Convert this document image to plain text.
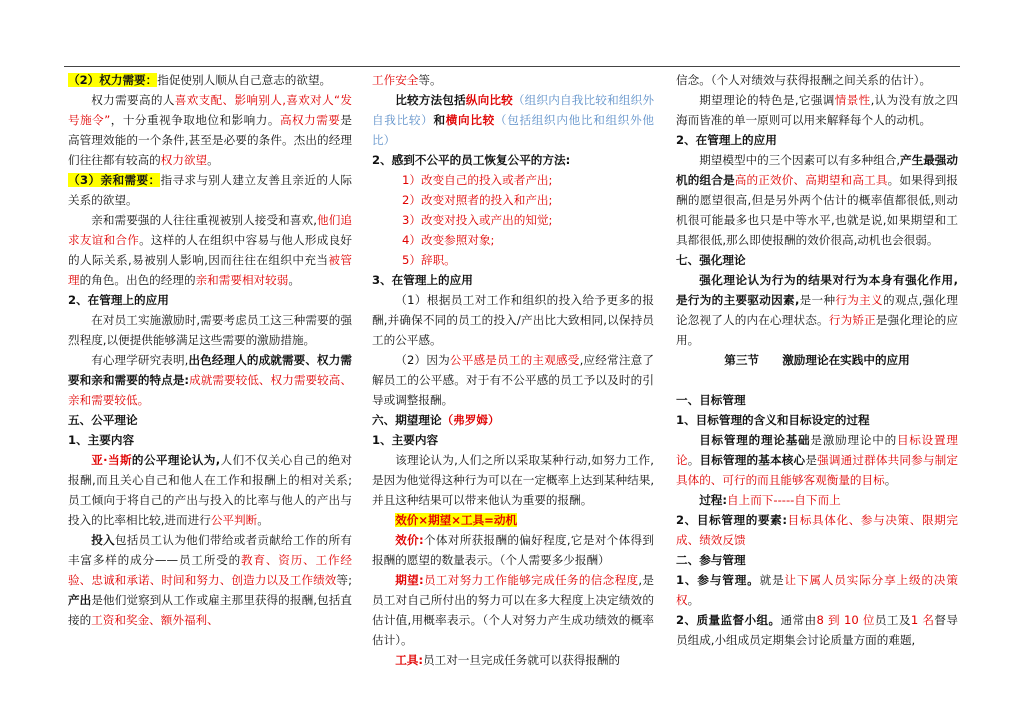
（2）权力需要：指促使别人顺从自己意志的欲望。

权力需要高的人喜欢支配、影响别人,喜欢对人“发号施令”，十分重视争取地位和影响力。高权力需要是高管理效能的一个条件,甚至是必要的条件。杰出的经理们往往都有较高的权力欲望。

（3）亲和需要：指寻求与别人建立友善且亲近的人际关系的欲望。

亲和需要强的人往往重视被别人接受和喜欢,他们追求友谊和合作。这样的人在组织中容易与他人形成良好的人际关系,易被别人影响,因而往往在组织中充当被管理的角色。出色的经理的亲和需要相对较弱。

2、在管理上的应用

在对员工实施激励时,需要考虑员工这三种需要的强烈程度,以便提供能够满足这些需要的激励措施。

有心理学研究表明,出色经理人的成就需要、权力需要和亲和需要的特点是:成就需要较低、权力需要较高、亲和需要较低。

五、公平理论

1、主要内容

亚·当斯的公平理论认为,人们不仅关心自己的绝对报酬,而且关心自己和他人在工作和报酬上的相对关系;员工倾向于将自己的产出与投入的比率与他人的产出与投入的比率相比较,进而进行公平判断。

投入包括员工认为他们带给或者贡献给工作的所有丰富多样的成分——员工所受的教育、资历、工作经验、忠诚和承诺、时间和努力、创造力以及工作绩效等;产出是他们觉察到从工作或雇主那里获得的报酬,包括直接的工资和奖金、额外福利、

工作安全等。

比较方法包括纵向比较（组织内自我比较和组织外自我比较）和横向比较（包括组织内他比和组织外他比）

2、感到不公平的员工恢复公平的方法:

1）改变自己的投入或者产出;

2）改变对照者的投入和产出;

3）改变对投入或产出的知觉;

4）改变参照对象;

5）辞职。

3、在管理上的应用

（1）根据员工对工作和组织的投入给予更多的报酬,并确保不同的员工的投入/产出比大致相同,以保持员工的公平感。

（2）因为公平感是员工的主观感受,应经常注意了解员工的公平感。对于有不公平感的员工予以及时的引导或调整报酬。

六、期望理论（弗罗姆）

1、主要内容

该理论认为,人们之所以采取某种行动,如努力工作,是因为他觉得这种行为可以在一定概率上达到某种结果,并且这种结果可以带来他认为重要的报酬。

效价×期望×工具=动机

效价:个体对所获报酬的偏好程度,它是对个体得到报酬的愿望的数量表示。（个人需要多少报酬）

期望:员工对努力工作能够完成任务的信念程度,是员工对自己所付出的努力可以在多大程度上决定绩效的估计值,用概率表示。（个人对努力产生成功绩效的概率估计）。

工具:员工对一旦完成任务就可以获得报酬的

信念。（个人对绩效与获得报酬之间关系的估计）。

期望理论的特色是,它强调情景性,认为没有放之四海而皆准的单一原则可以用来解释每个人的动机。

2、在管理上的应用

期望模型中的三个因素可以有多种组合,产生最强动机的组合是高的正效价、高期望和高工具。如果得到报酬的愿望很高,但是另外两个估计的概率值都很低,则动机很可能最多也只是中等水平,也就是说,如果期望和工具都很低,那么即使报酬的效价很高,动机也会很弱。

七、强化理论

强化理论认为行为的结果对行为本身有强化作用,是行为的主要驱动因素,是一种行为主义的观点,强化理论忽视了人的内在心理状态。行为矫正是强化理论的应用。

第三节　　激励理论在实践中的应用

一、目标管理

1、目标管理的含义和目标设定的过程

目标管理的理论基础是激励理论中的目标设置理论。目标管理的基本核心是强调通过群体共同参与制定具体的、可行的而且能够客观衡量的目标。

过程:自上而下-----自下而上

2、目标管理的要素:目标具体化、参与决策、限期完成、绩效反馈

二、参与管理

1、参与管理。就是让下属人员实际分享上级的决策权。

2、质量监督小组。通常由8 到 10 位员工及1 名督导员组成,小组成员定期集会讨论质量方面的难题,
